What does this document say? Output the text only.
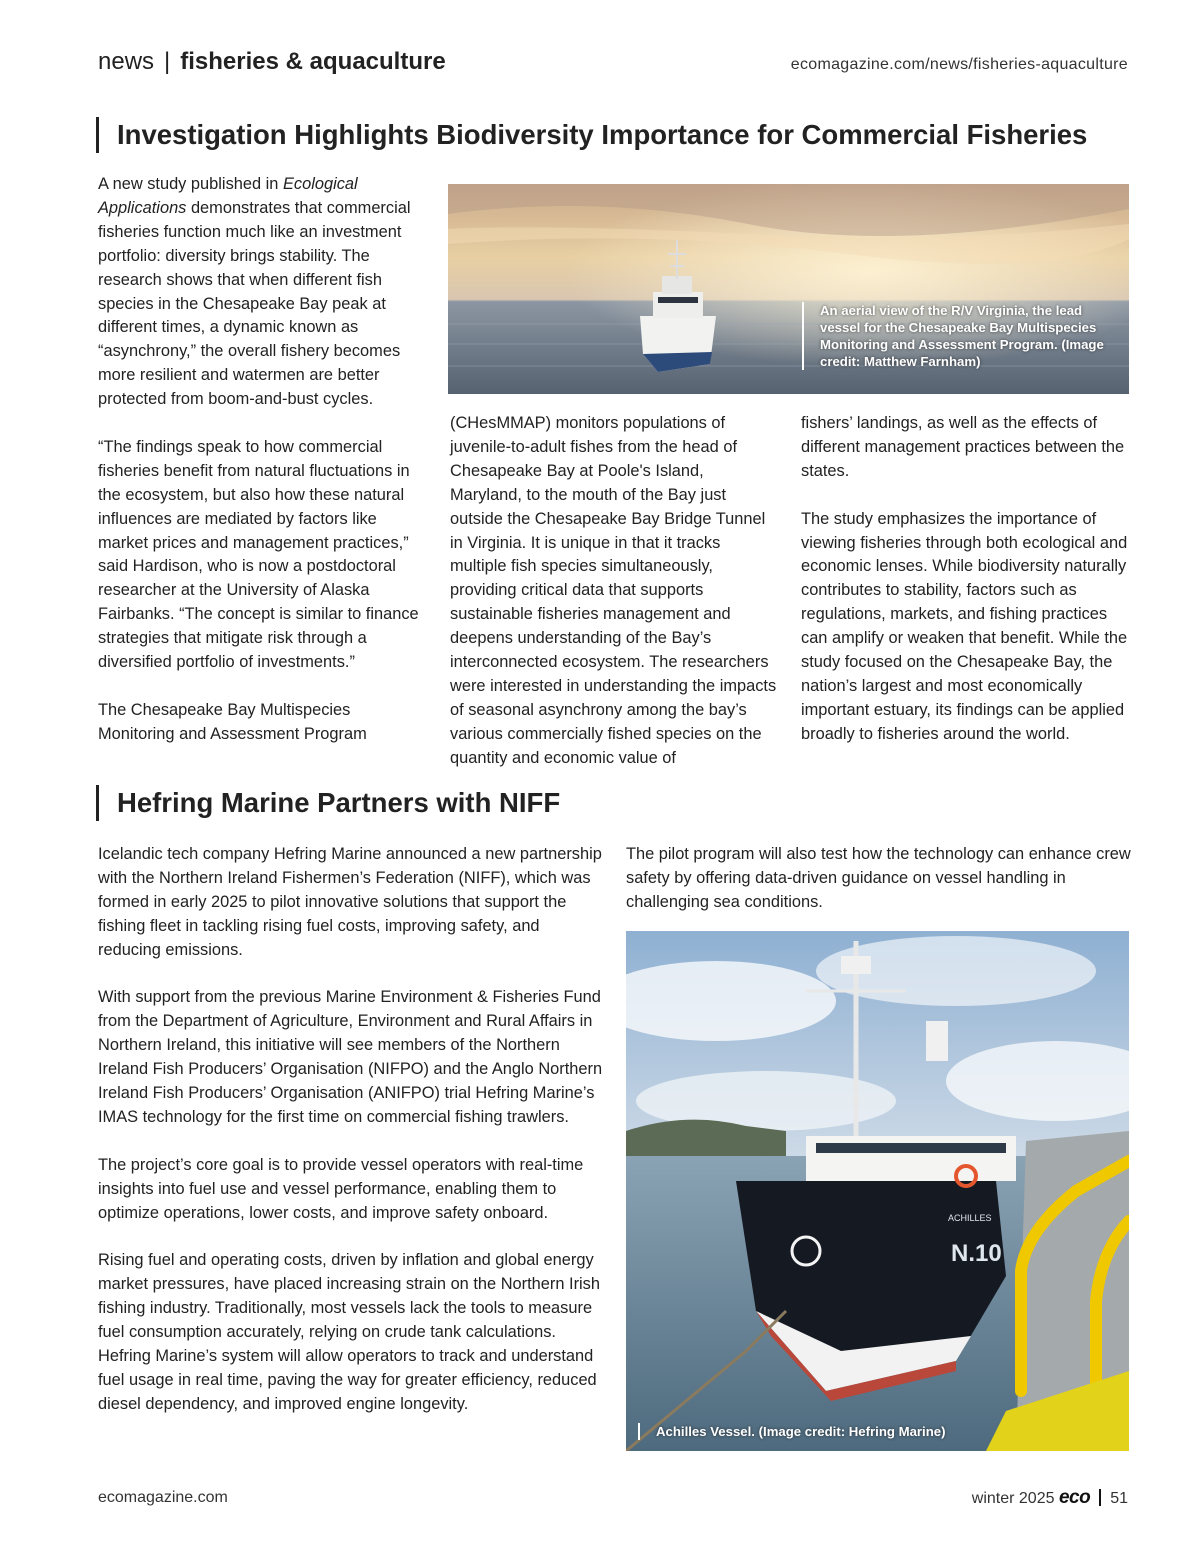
news | fisheries & aquaculture	ecomagazine.com/news/fisheries-aquaculture
Investigation Highlights Biodiversity Importance for Commercial Fisheries

A new study published in Ecological Applications demonstrates that commercial fisheries function much like an investment portfolio: diversity brings stability. The research shows that when different fish species in the Chesapeake Bay peak at different times, a dynamic known as “asynchrony,” the overall fishery becomes more resilient and watermen are better protected from boom-and-bust cycles.

“The findings speak to how commercial fisheries benefit from natural fluctuations in the ecosystem, but also how these natural influences are mediated by factors like market prices and management practices,” said Hardison, who is now a postdoctoral researcher at the University of Alaska Fairbanks. “The concept is similar to finance strategies that mitigate risk through a diversified portfolio of investments.”

The Chesapeake Bay Multispecies Monitoring and Assessment Program

An aerial view of the R/V Virginia, the lead vessel for the Chesapeake Bay Multispecies Monitoring and Assessment Program. (Image credit: Matthew Farnham)

(CHesMMAP) monitors populations of juvenile-to-adult fishes from the head of Chesapeake Bay at Poole's Island, Maryland, to the mouth of the Bay just outside the Chesapeake Bay Bridge Tunnel in Virginia. It is unique in that it tracks multiple fish species simultaneously, providing critical data that supports sustainable fisheries management and deepens understanding of the Bay’s interconnected ecosystem. The researchers were interested in understanding the impacts of seasonal asynchrony among the bay’s various commercially fished species on the quantity and economic value of

fishers’ landings, as well as the effects of different management practices between the states.

The study emphasizes the importance of viewing fisheries through both ecological and economic lenses. While biodiversity naturally contributes to stability, factors such as regulations, markets, and fishing practices can amplify or weaken that benefit. While the study focused on the Chesapeake Bay, the nation’s largest and most economically important estuary, its findings can be applied broadly to fisheries around the world.

Hefring Marine Partners with NIFF

Icelandic tech company Hefring Marine announced a new partnership with the Northern Ireland Fishermen’s Federation (NIFF), which was formed in early 2025 to pilot innovative solutions that support the fishing fleet in tackling rising fuel costs, improving safety, and reducing emissions.

With support from the previous Marine Environment & Fisheries Fund from the Department of Agriculture, Environment and Rural Affairs in Northern Ireland, this initiative will see members of the Northern Ireland Fish Producers’ Organisation (NIFPO) and the Anglo Northern Ireland Fish Producers’ Organisation (ANIFPO) trial Hefring Marine’s IMAS technology for the first time on commercial fishing trawlers.

The project’s core goal is to provide vessel operators with real-time insights into fuel use and vessel performance, enabling them to optimize operations, lower costs, and improve safety onboard.

Rising fuel and operating costs, driven by inflation and global energy market pressures, have placed increasing strain on the Northern Irish fishing industry. Traditionally, most vessels lack the tools to measure fuel consumption accurately, relying on crude tank calculations. Hefring Marine’s system will allow operators to track and understand fuel usage in real time, paving the way for greater efficiency, reduced diesel dependency, and improved engine longevity.

The pilot program will also test how the technology can enhance crew safety by offering data-driven guidance on vessel handling in challenging sea conditions.

N.10
ACHILLES
Achilles Vessel. (Image credit: Hefring Marine)
ecomagazine.com	winter 2025 eco 51
